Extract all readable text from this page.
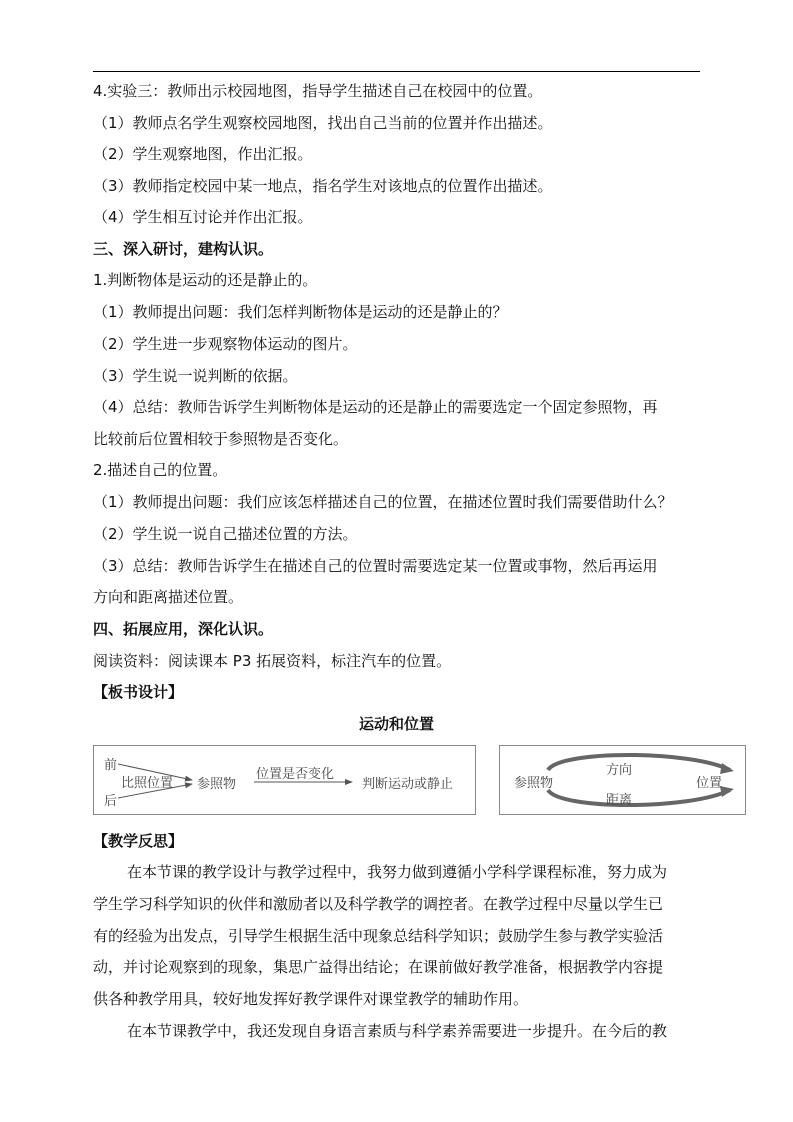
4.实验三：教师出示校园地图，指导学生描述自己在校园中的位置。
（1）教师点名学生观察校园地图，找出自己当前的位置并作出描述。
（2）学生观察地图，作出汇报。
（3）教师指定校园中某一地点，指名学生对该地点的位置作出描述。
（4）学生相互讨论并作出汇报。
三、深入研讨，建构认识。
1.判断物体是运动的还是静止的。
（1）教师提出问题：我们怎样判断物体是运动的还是静止的？
（2）学生进一步观察物体运动的图片。
（3）学生说一说判断的依据。
（4）总结：教师告诉学生判断物体是运动的还是静止的需要选定一个固定参照物，再
比较前后位置相较于参照物是否变化。
2.描述自己的位置。
（1）教师提出问题：我们应该怎样描述自己的位置，在描述位置时我们需要借助什么？
（2）学生说一说自己描述位置的方法。
（3）总结：教师告诉学生在描述自己的位置时需要选定某一位置或事物，然后再运用
方向和距离描述位置。
四、拓展应用，深化认识。
阅读资料：阅读课本 P3 拓展资料，标注汽车的位置。
【板书设计】
运动和位置
前
后
比照位置 参照物
位置是否变化
判断运动或静止	参照物
方向
距离
位置
【教学反思】
在本节课的教学设计与教学过程中，我努力做到遵循小学科学课程标准，努力成为
学生学习科学知识的伙伴和激励者以及科学教学的调控者。在教学过程中尽量以学生已
有的经验为出发点，引导学生根据生活中现象总结科学知识；鼓励学生参与教学实验活
动，并讨论观察到的现象，集思广益得出结论；在课前做好教学准备，根据教学内容提
供各种教学用具，较好地发挥好教学课件对课堂教学的辅助作用。
在本节课教学中，我还发现自身语言素质与科学素养需要进一步提升。在今后的教
